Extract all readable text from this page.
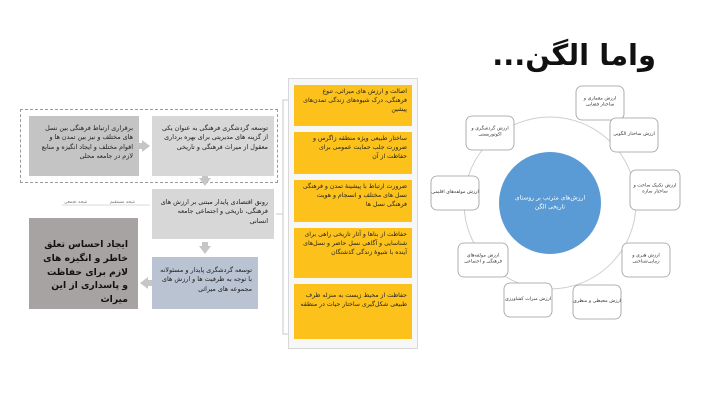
واما الگن...
اصالت و ارزش های میراثی، تنوع فرهنگی، درک شیوه‌های زندگی تمدن‌های پیشین
ساختار طبیعی ویژه منطقه زاگرس و ضرورت جلب حمایت عمومی برای حفاظت از آن
ضرورت ارتباط با پیشینهٔ تمدن و فرهنگی نسل های مختلف و انسجام و هویت فرهنگی نسل ها
حفاظت از بناها و آثار تاریخی راهی برای شناسایی و آگاهی نسل حاضر و نسل‌های آینده با شیوهٔ زندگی گذشتگان
حفاظت از محیط زیست به منزله ظرف طبیعی شکل‌گیری ساختار حیات در منطقه
توسعه گردشگری فرهنگی به عنوان یکی از گزینه های مدیریتی برای بهره برداری معقول از میراث فرهنگی و تاریخی
برقراری ارتباط فرهنگی بین نسل های مختلف و نیز بین تمدن ها و اقوام مختلف و ایجاد انگیزه و منابع لازم در جامعه محلی
رونق اقتصادی پایدار مبتنی بر ارزش های فرهنگی، تاریخی و اجتماعی جامعه انسانی
توسعه گردشگری پایدار و مسئولانه با توجه به ظرفیت ها و ارزش های مجموعه های میراثی
ایجاد احساس تعلق خاطر و انگیزه های لازم برای حفاظت و پاسداری از این میراث
نتیجه تجمعی	نتیجه مستقیم
ارزش‌های مترتب بر روستای تاریخی الگن
ارزش معماری و ساختار فضایی
ارزش ساختار الگویی
ارزش تکنیک ساخت و ساختار سازه
ارزش هنری و زیبایی‌شناختی
ارزش محیطی و منظری
ارزش میراث کشاورزی
ارزش مولفه‌های فرهنگی و اجتماعی
ارزش مولفه‌های اقلیمی
ارزش گردشگری و اکوتوریستی
